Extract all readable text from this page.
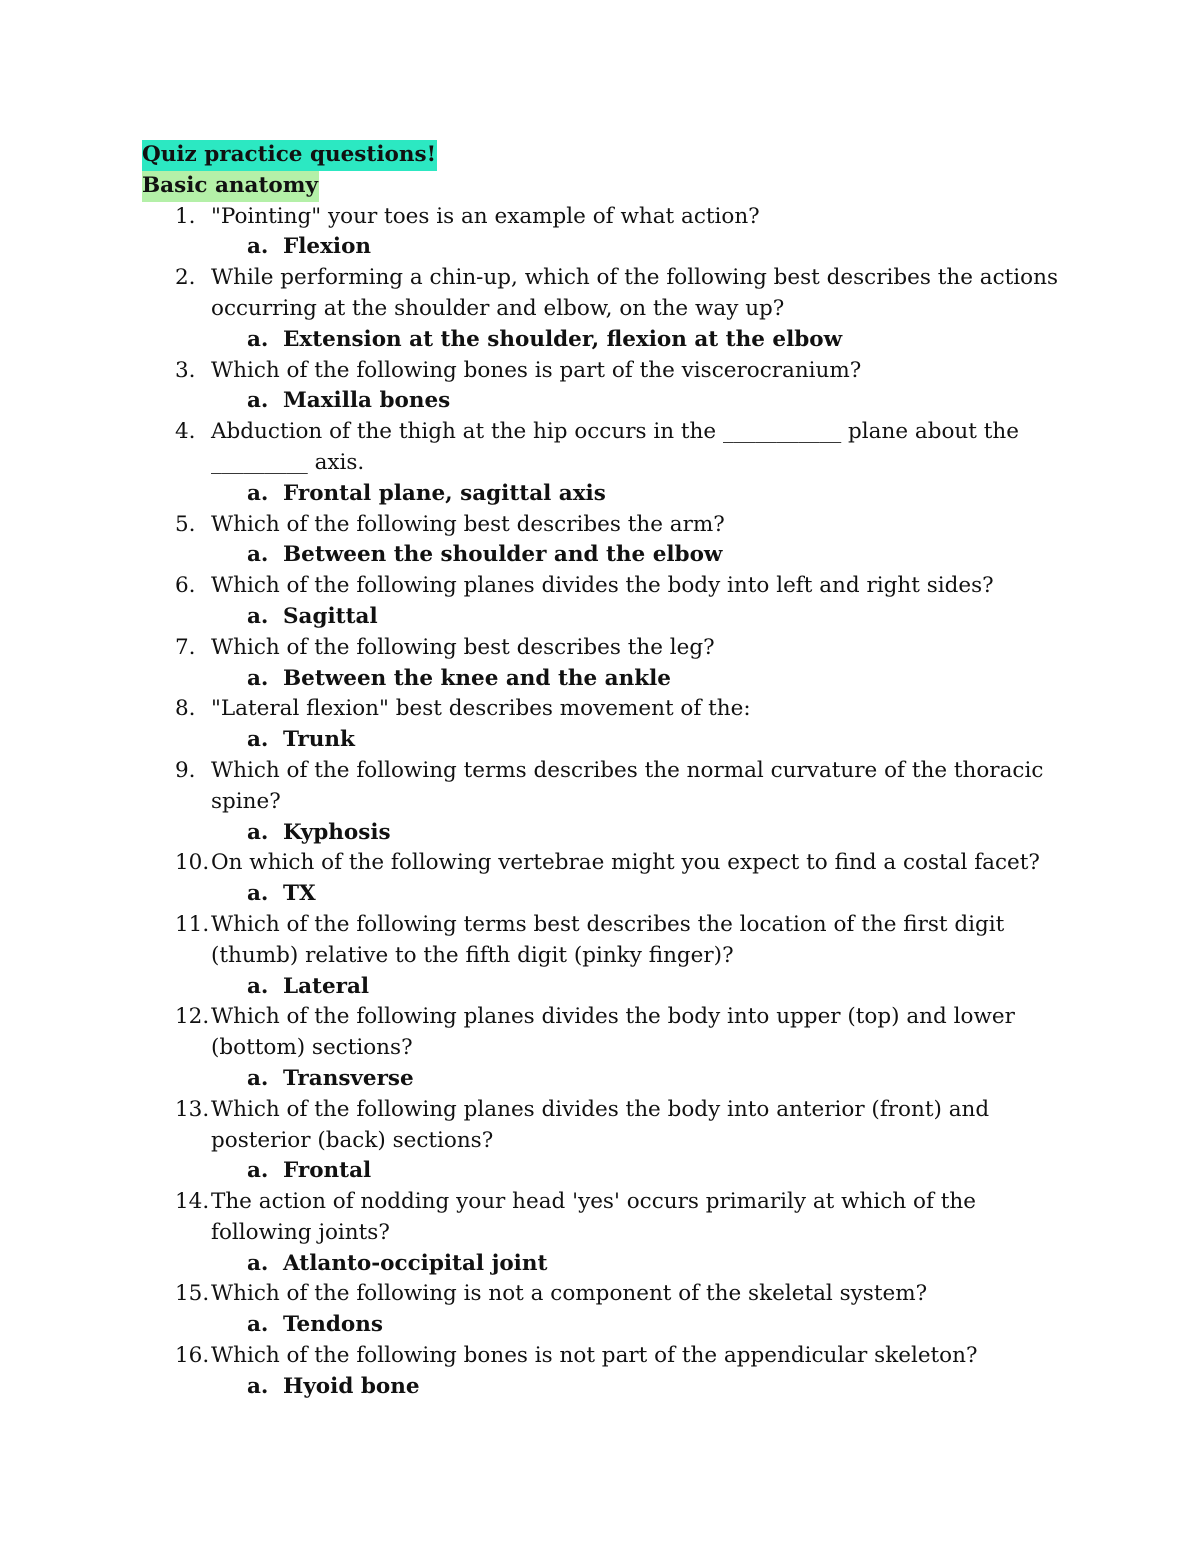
Quiz practice questions!
Basic anatomy
1. "Pointing" your toes is an example of what action?
a. Flexion
2. While performing a chin-up, which of the following best describes the actions occurring at the shoulder and elbow, on the way up?
a. Extension at the shoulder, flexion at the elbow
3. Which of the following bones is part of the viscerocranium?
a. Maxilla bones
4. Abduction of the thigh at the hip occurs in the ___________ plane about the _________ axis.
a. Frontal plane, sagittal axis
5. Which of the following best describes the arm?
a. Between the shoulder and the elbow
6. Which of the following planes divides the body into left and right sides?
a. Sagittal
7. Which of the following best describes the leg?
a. Between the knee and the ankle
8. "Lateral flexion" best describes movement of the:
a. Trunk
9. Which of the following terms describes the normal curvature of the thoracic spine?
a. Kyphosis
10. On which of the following vertebrae might you expect to find a costal facet?
a. TX
11. Which of the following terms best describes the location of the first digit (thumb) relative to the fifth digit (pinky finger)?
a. Lateral
12. Which of the following planes divides the body into upper (top) and lower (bottom) sections?
a. Transverse
13. Which of the following planes divides the body into anterior (front) and posterior (back) sections?
a. Frontal
14. The action of nodding your head 'yes' occurs primarily at which of the following joints?
a. Atlanto-occipital joint
15. Which of the following is not a component of the skeletal system?
a. Tendons
16. Which of the following bones is not part of the appendicular skeleton?
a. Hyoid bone
